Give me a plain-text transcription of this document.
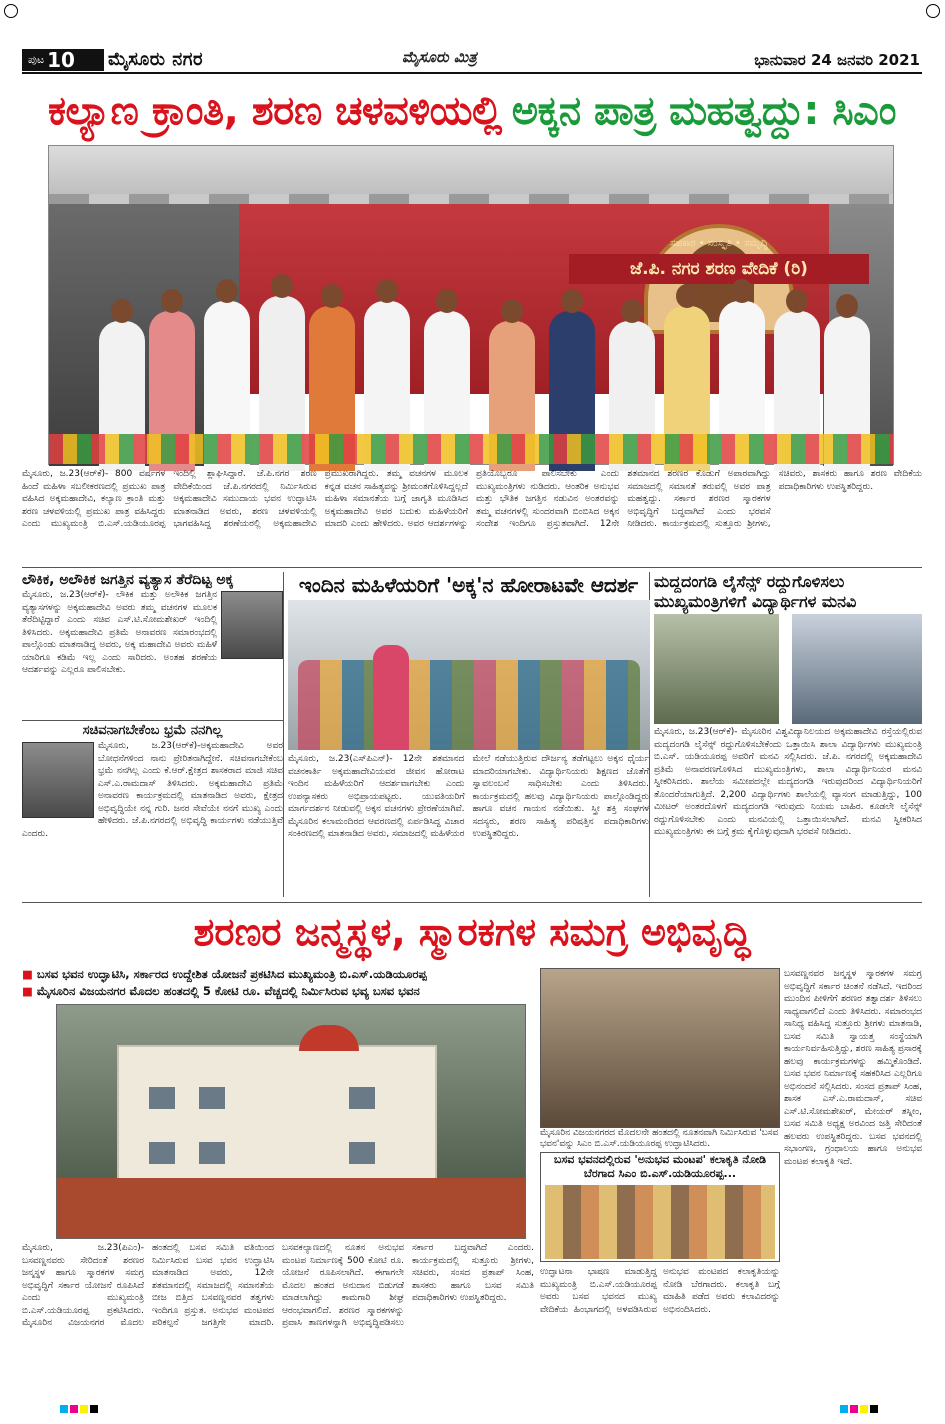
ಪುಟ 10 ಮೈಸೂರು ನಗರ	ಮೈಸೂರು ಮಿತ್ರ	ಭಾನುವಾರ 24 ಜನವರಿ 2021
ಕಲ್ಯಾಣ ಕ್ರಾಂತಿ, ಶರಣ ಚಳವಳಿಯಲ್ಲಿ ಅಕ್ಕನ ಪಾತ್ರ ಮಹತ್ವದ್ದು: ಸಿಎಂ
ಸಹಕಾರ • ಸಂಸ್ಕೃತಿ • ಸಮೃದ್ಧಿ
ಜೆ.ಪಿ. ನಗರ ಶರಣ ವೇದಿಕೆ (ರಿ)
ಮೈಸೂರು, ಜ.23(ಆರ್‌ಕೆ)- 800 ವರ್ಷಗಳ ಹಿಂದೆ ಮಹಿಳಾ ಸಬಲೀಕರಣದಲ್ಲಿ ಪ್ರಮುಖ ಪಾತ್ರ ವಹಿಸಿದ ಅಕ್ಕಮಹಾದೇವಿ, ಕಲ್ಯಾಣ ಕ್ರಾಂತಿ ಮತ್ತು ಶರಣ ಚಳವಳಿಯಲ್ಲಿ ಪ್ರಮುಖ ಪಾತ್ರ ವಹಿಸಿದ್ದರು ಎಂದು ಮುಖ್ಯಮಂತ್ರಿ ಬಿ.ಎಸ್.ಯಡಿಯೂರಪ್ಪ ಇಂದಿಲ್ಲಿ ಶ್ಲಾಘಿಸಿದ್ದಾರೆ. ಜೆ.ಪಿ.ನಗರ ಶರಣ ವೇದಿಕೆಯಿಂದ ಜೆ.ಪಿ.ನಗರದಲ್ಲಿ ನಿರ್ಮಿಸಿರುವ ಅಕ್ಕಮಹಾದೇವಿ ಸಮುದಾಯ ಭವನ ಉದ್ಘಾಟಿಸಿ ಮಾತನಾಡಿದ ಅವರು, ಶರಣ ಚಳವಳಿಯಲ್ಲಿ ಭಾಗವಹಿಸಿದ್ದ ಶರಣೆಯರಲ್ಲಿ ಅಕ್ಕಮಹಾದೇವಿ ಪ್ರಮುಖರಾಗಿದ್ದರು. ತಮ್ಮ ವಚನಗಳ ಮೂಲಕ ಕನ್ನಡ ವಚನ ಸಾಹಿತ್ಯವನ್ನು ಶ್ರೀಮಂತಗೊಳಿಸಿದ್ದಲ್ಲದೆ ಮಹಿಳಾ ಸಮಾನತೆಯ ಬಗ್ಗೆ ಜಾಗೃತಿ ಮೂಡಿಸಿದ ಅಕ್ಕಮಹಾದೇವಿ ಅವರ ಬದುಕು ಮಹಿಳೆಯರಿಗೆ ಮಾದರಿ ಎಂದು ಹೇಳಿದರು. ಅವರ ಆದರ್ಶಗಳನ್ನು ಪ್ರತಿಯೊಬ್ಬರೂ ಪಾಲಿಸಬೇಕು ಎಂದು ಮುಖ್ಯಮಂತ್ರಿಗಳು ನುಡಿದರು. ಆಂತರಿಕ ಅನುಭವ ಮತ್ತು ಭೌತಿಕ ಜಗತ್ತಿನ ನಡುವಿನ ಅಂತರವನ್ನು ತಮ್ಮ ವಚನಗಳಲ್ಲಿ ಸುಂದರವಾಗಿ ಬಿಂಬಿಸಿದ ಅಕ್ಕನ ಸಂದೇಶ ಇಂದಿಗೂ ಪ್ರಸ್ತುತವಾಗಿದೆ. 12ನೇ ಶತಮಾನದ ಶರಣರ ಕೊಡುಗೆ ಅಪಾರವಾಗಿದ್ದು ಸಮಾಜದಲ್ಲಿ ಸಮಾನತೆ ತರುವಲ್ಲಿ ಅವರ ಪಾತ್ರ ಮಹತ್ವದ್ದು. ಸರ್ಕಾರ ಶರಣರ ಸ್ಮಾರಕಗಳ ಅಭಿವೃದ್ಧಿಗೆ ಬದ್ಧವಾಗಿದೆ ಎಂದು ಭರವಸೆ ನೀಡಿದರು. ಕಾರ್ಯಕ್ರಮದಲ್ಲಿ ಸುತ್ತೂರು ಶ್ರೀಗಳು, ಸಚಿವರು, ಶಾಸಕರು ಹಾಗೂ ಶರಣ ವೇದಿಕೆಯ ಪದಾಧಿಕಾರಿಗಳು ಉಪಸ್ಥಿತರಿದ್ದರು.
ಲೌಕಿಕ, ಅಲೌಕಿಕ ಜಗತ್ತಿನ ವ್ಯತ್ಯಾಸ ತೆರೆದಿಟ್ಟ ಅಕ್ಕ
ಮೈಸೂರು, ಜ.23(ಆರ್‌ಕೆ)- ಲೌಕಿಕ ಮತ್ತು ಅಲೌಕಿಕ ಜಗತ್ತಿನ ವ್ಯತ್ಯಾಸಗಳನ್ನು ಅಕ್ಕಮಹಾದೇವಿ ಅವರು ತಮ್ಮ ವಚನಗಳ ಮೂಲಕ ತೆರೆದಿಟ್ಟಿದ್ದಾರೆ ಎಂದು ಸಚಿವ ಎಸ್.ಟಿ.ಸೋಮಶೇಖರ್ ಇಂದಿಲ್ಲಿ ತಿಳಿಸಿದರು. ಅಕ್ಕಮಹಾದೇವಿ ಪ್ರತಿಮೆ ಅನಾವರಣ ಸಮಾರಂಭದಲ್ಲಿ ಪಾಲ್ಗೊಂಡು ಮಾತನಾಡಿದ್ದ ಅವರು, ಅಕ್ಕ ಮಹಾದೇವಿ ಅವರು ಮಹಿಳೆ ಯಾರಿಗೂ ಕಡಿಮೆ ಇಲ್ಲ ಎಂದು ಸಾರಿದರು. ಅಂತಹ ಶರಣೆಯ ಆದರ್ಶವನ್ನು ಎಲ್ಲರೂ ಪಾಲಿಸಬೇಕು.
ಸಚಿವನಾಗಬೇಕೆಂಬ ಭ್ರಮೆ ನನಗಿಲ್ಲ
ಮೈಸೂರು, ಜ.23(ಆರ್‌ಕೆ)-ಅಕ್ಕಮಹಾದೇವಿ ಅವರ ಬೋಧನೆಗಳಿಂದ ನಾನು ಪ್ರೇರಿತನಾಗಿದ್ದೇನೆ. ಸಚಿವನಾಗಬೇಕೆಂಬ ಭ್ರಮೆ ನನಗಿಲ್ಲ ಎಂದು ಕೆ.ಆರ್.ಕ್ಷೇತ್ರದ ಶಾಸಕರಾದ ಮಾಜಿ ಸಚಿವ ಎಸ್.ಎ.ರಾಮದಾಸ್ ತಿಳಿಸಿದರು. ಅಕ್ಕಮಹಾದೇವಿ ಪ್ರತಿಮೆ ಅನಾವರಣ ಕಾರ್ಯಕ್ರಮದಲ್ಲಿ ಮಾತನಾಡಿದ ಅವರು, ಕ್ಷೇತ್ರದ ಅಭಿವೃದ್ಧಿಯೇ ನನ್ನ ಗುರಿ. ಜನರ ಸೇವೆಯೇ ನನಗೆ ಮುಖ್ಯ ಎಂದು ಹೇಳಿದರು. ಜೆ.ಪಿ.ನಗರದಲ್ಲಿ ಅಭಿವೃದ್ಧಿ ಕಾರ್ಯಗಳು ನಡೆಯುತ್ತಿವೆ ಎಂದರು.
ಇಂದಿನ ಮಹಿಳೆಯರಿಗೆ 'ಅಕ್ಕ'ನ ಹೋರಾಟವೇ ಆದರ್ಶ
ಮೈಸೂರು, ಜ.23(ಎಸ್‌ಪಿಎನ್)- 12ನೇ ಶತಮಾನದ ವಚನಕಾರ್ತಿ ಅಕ್ಕಮಹಾದೇವಿಯವರ ಜೀವನ ಹೋರಾಟ ಇಂದಿನ ಮಹಿಳೆಯರಿಗೆ ಆದರ್ಶವಾಗಬೇಕು ಎಂದು ಉಪನ್ಯಾಸಕರು ಅಭಿಪ್ರಾಯಪಟ್ಟರು. ಯುವತಿಯರಿಗೆ ಮಾರ್ಗದರ್ಶನ ನೀಡುವಲ್ಲಿ ಅಕ್ಕನ ವಚನಗಳು ಪ್ರೇರಣೆಯಾಗಿವೆ. ಮೈಸೂರಿನ ಕಲಾಮಂದಿರದ ಆವರಣದಲ್ಲಿ ಏರ್ಪಡಿಸಿದ್ದ ವಿಚಾರ ಸಂಕಿರಣದಲ್ಲಿ ಮಾತನಾಡಿದ ಅವರು, ಸಮಾಜದಲ್ಲಿ ಮಹಿಳೆಯರ ಮೇಲೆ ನಡೆಯುತ್ತಿರುವ ದೌರ್ಜನ್ಯ ತಡೆಗಟ್ಟಲು ಅಕ್ಕನ ಧೈರ್ಯ ಮಾದರಿಯಾಗಬೇಕು. ವಿದ್ಯಾರ್ಥಿನಿಯರು ಶಿಕ್ಷಣದ ಜೊತೆಗೆ ಸ್ವಾವಲಂಬನೆ ಸಾಧಿಸಬೇಕು ಎಂದು ತಿಳಿಸಿದರು. ಕಾರ್ಯಕ್ರಮದಲ್ಲಿ ಹಲವು ವಿದ್ಯಾರ್ಥಿನಿಯರು ಪಾಲ್ಗೊಂಡಿದ್ದರು ಹಾಗೂ ವಚನ ಗಾಯನ ನಡೆಯಿತು. ಸ್ತ್ರೀ ಶಕ್ತಿ ಸಂಘಗಳ ಸದಸ್ಯರು, ಶರಣ ಸಾಹಿತ್ಯ ಪರಿಷತ್ತಿನ ಪದಾಧಿಕಾರಿಗಳು ಉಪಸ್ಥಿತರಿದ್ದರು.
ಮದ್ದದಂಗಡಿ ಲೈಸೆನ್ಸ್ ರದ್ದುಗೊಳಿಸಲು ಮುಖ್ಯಮಂತ್ರಿಗಳಿಗೆ ವಿದ್ಯಾರ್ಥಿಗಳ ಮನವಿ
ಮೈಸೂರು, ಜ.23(ಆರ್‌ಕೆ)- ಮೈಸೂರಿನ ವಿಶ್ವವಿದ್ಯಾನಿಲಯದ ಅಕ್ಕಮಹಾದೇವಿ ರಸ್ತೆಯಲ್ಲಿರುವ ಮದ್ಯದಂಗಡಿ ಲೈಸೆನ್ಸ್ ರದ್ದುಗೊಳಿಸಬೇಕೆಂದು ಒತ್ತಾಯಿಸಿ ಶಾಲಾ ವಿದ್ಯಾರ್ಥಿಗಳು ಮುಖ್ಯಮಂತ್ರಿ ಬಿ.ಎಸ್. ಯಡಿಯೂರಪ್ಪ ಅವರಿಗೆ ಮನವಿ ಸಲ್ಲಿಸಿದರು. ಜೆ.ಪಿ. ನಗರದಲ್ಲಿ ಅಕ್ಕಮಹಾದೇವಿ ಪ್ರತಿಮೆ ಅನಾವರಣಗೊಳಿಸಿದ ಮುಖ್ಯಮಂತ್ರಿಗಳು, ಶಾಲಾ ವಿದ್ಯಾರ್ಥಿನಿಯರ ಮನವಿ ಸ್ವೀಕರಿಸಿದರು. ಶಾಲೆಯ ಸಮೀಪದಲ್ಲೇ ಮದ್ಯದಂಗಡಿ ಇರುವುದರಿಂದ ವಿದ್ಯಾರ್ಥಿನಿಯರಿಗೆ ತೊಂದರೆಯಾಗುತ್ತಿದೆ. 2,200 ವಿದ್ಯಾರ್ಥಿಗಳು ಶಾಲೆಯಲ್ಲಿ ವ್ಯಾಸಂಗ ಮಾಡುತ್ತಿದ್ದು, 100 ಮೀಟರ್ ಅಂತರದೊಳಗೆ ಮದ್ಯದಂಗಡಿ ಇರುವುದು ನಿಯಮ ಬಾಹಿರ. ಕೂಡಲೇ ಲೈಸೆನ್ಸ್ ರದ್ದುಗೊಳಿಸಬೇಕು ಎಂದು ಮನವಿಯಲ್ಲಿ ಒತ್ತಾಯಿಸಲಾಗಿದೆ. ಮನವಿ ಸ್ವೀಕರಿಸಿದ ಮುಖ್ಯಮಂತ್ರಿಗಳು ಈ ಬಗ್ಗೆ ಕ್ರಮ ಕೈಗೊಳ್ಳುವುದಾಗಿ ಭರವಸೆ ನೀಡಿದರು.
ಶರಣರ ಜನ್ಮಸ್ಥಳ, ಸ್ಮಾರಕಗಳ ಸಮಗ್ರ ಅಭಿವೃದ್ಧಿ
■ ಬಸವ ಭವನ ಉದ್ಘಾಟಿಸಿ, ಸರ್ಕಾರದ ಉದ್ದೇಶಿತ ಯೋಜನೆ ಪ್ರಕಟಿಸಿದ ಮುಖ್ಯಮಂತ್ರಿ ಬಿ.ಎಸ್.ಯಡಿಯೂರಪ್ಪ
■ ಮೈಸೂರಿನ ವಿಜಯನಗರ ಮೊದಲ ಹಂತದಲ್ಲಿ 5 ಕೋಟಿ ರೂ. ವೆಚ್ಚದಲ್ಲಿ ನಿರ್ಮಿಸಿರುವ ಭವ್ಯ ಬಸವ ಭವನ
ಮೈಸೂರು, ಜ.23(ಪಿಎಂ)- ಬಸವಣ್ಣನವರು ಸೇರಿದಂತೆ ಶರಣರ ಜನ್ಮಸ್ಥಳ ಹಾಗೂ ಸ್ಮಾರಕಗಳ ಸಮಗ್ರ ಅಭಿವೃದ್ಧಿಗೆ ಸರ್ಕಾರ ಯೋಜನೆ ರೂಪಿಸಿದೆ ಎಂದು ಮುಖ್ಯಮಂತ್ರಿ ಬಿ.ಎಸ್.ಯಡಿಯೂರಪ್ಪ ಪ್ರಕಟಿಸಿದರು. ಮೈಸೂರಿನ ವಿಜಯನಗರ ಮೊದಲ ಹಂತದಲ್ಲಿ ಬಸವ ಸಮಿತಿ ವತಿಯಿಂದ ನಿರ್ಮಿಸಿರುವ ಬಸವ ಭವನ ಉದ್ಘಾಟಿಸಿ ಮಾತನಾಡಿದ ಅವರು, 12ನೇ ಶತಮಾನದಲ್ಲಿ ಸಮಾಜದಲ್ಲಿ ಸಮಾನತೆಯ ಬೀಜ ಬಿತ್ತಿದ ಬಸವಣ್ಣನವರ ತತ್ವಗಳು ಇಂದಿಗೂ ಪ್ರಸ್ತುತ. ಅನುಭವ ಮಂಟಪದ ಪರಿಕಲ್ಪನೆ ಜಗತ್ತಿಗೇ ಮಾದರಿ. ಬಸವಕಲ್ಯಾಣದಲ್ಲಿ ನೂತನ ಅನುಭವ ಮಂಟಪ ನಿರ್ಮಾಣಕ್ಕೆ 500 ಕೋಟಿ ರೂ. ಯೋಜನೆ ರೂಪಿಸಲಾಗಿದೆ. ಈಗಾಗಲೇ ಮೊದಲ ಹಂತದ ಅನುದಾನ ಬಿಡುಗಡೆ ಮಾಡಲಾಗಿದ್ದು ಕಾಮಗಾರಿ ಶೀಘ್ರ ಆರಂಭವಾಗಲಿದೆ. ಶರಣರ ಸ್ಮಾರಕಗಳನ್ನು ಪ್ರವಾಸಿ ತಾಣಗಳನ್ನಾಗಿ ಅಭಿವೃದ್ಧಿಪಡಿಸಲು ಸರ್ಕಾರ ಬದ್ಧವಾಗಿದೆ ಎಂದರು. ಕಾರ್ಯಕ್ರಮದಲ್ಲಿ ಸುತ್ತೂರು ಶ್ರೀಗಳು, ಸಚಿವರು, ಸಂಸದ ಪ್ರತಾಪ್ ಸಿಂಹ, ಶಾಸಕರು ಹಾಗೂ ಬಸವ ಸಮಿತಿ ಪದಾಧಿಕಾರಿಗಳು ಉಪಸ್ಥಿತರಿದ್ದರು.
ಮೈಸೂರಿನ ವಿಜಯನಗರದ ಮೊದಲನೇ ಹಂತದಲ್ಲಿ ನೂತನವಾಗಿ ನಿರ್ಮಿಸಿರುವ 'ಬಸವ ಭವನ'ವನ್ನು ಸಿಎಂ ಬಿ.ಎಸ್.ಯಡಿಯೂರಪ್ಪ ಉದ್ಘಾಟಿಸಿದರು.
ಬಸವ ಭವನದಲ್ಲಿರುವ 'ಅನುಭವ ಮಂಟಪ' ಕಲಾಕೃತಿ ನೋಡಿ ಬೆರಗಾದ ಸಿಎಂ ಬಿ.ಎಸ್.ಯಡಿಯೂರಪ್ಪ...
ಉದ್ಘಾಟನಾ ಭಾಷಣ ಮಾಡುತ್ತಿದ್ದ ಮುಖ್ಯಮಂತ್ರಿ ಬಿ.ಎಸ್.ಯಡಿಯೂರಪ್ಪ ಅವರು ಬಸವ ಭವನದ ಮುಖ್ಯ ವೇದಿಕೆಯ ಹಿಂಭಾಗದಲ್ಲಿ ಅಳವಡಿಸಿರುವ ಅನುಭವ ಮಂಟಪದ ಕಲಾಕೃತಿಯನ್ನು ನೋಡಿ ಬೆರಗಾದರು. ಕಲಾಕೃತಿ ಬಗ್ಗೆ ಮಾಹಿತಿ ಪಡೆದ ಅವರು ಕಲಾವಿದರನ್ನು ಅಭಿನಂದಿಸಿದರು.
ಬಸವಣ್ಣನವರ ಜನ್ಮಸ್ಥಳ ಸ್ಮಾರಕಗಳ ಸಮಗ್ರ ಅಭಿವೃದ್ಧಿಗೆ ಸರ್ಕಾರ ಚಿಂತನೆ ನಡೆಸಿದೆ. ಇದರಿಂದ ಮುಂದಿನ ಪೀಳಿಗೆಗೆ ಶರಣರ ತತ್ವಾದರ್ಶ ತಿಳಿಸಲು ಸಾಧ್ಯವಾಗಲಿದೆ ಎಂದು ತಿಳಿಸಿದರು. ಸಮಾರಂಭದ ಸಾನಿಧ್ಯ ವಹಿಸಿದ್ದ ಸುತ್ತೂರು ಶ್ರೀಗಳು ಮಾತನಾಡಿ, ಬಸವ ಸಮಿತಿ ಸ್ವಾಯತ್ತ ಸಂಸ್ಥೆಯಾಗಿ ಕಾರ್ಯನಿರ್ವಹಿಸುತ್ತಿದ್ದು, ಶರಣ ಸಾಹಿತ್ಯ ಪ್ರಸಾರಕ್ಕೆ ಹಲವು ಕಾರ್ಯಕ್ರಮಗಳನ್ನು ಹಮ್ಮಿಕೊಂಡಿದೆ. ಬಸವ ಭವನ ನಿರ್ಮಾಣಕ್ಕೆ ಸಹಕರಿಸಿದ ಎಲ್ಲರಿಗೂ ಅಭಿನಂದನೆ ಸಲ್ಲಿಸಿದರು. ಸಂಸದ ಪ್ರತಾಪ್ ಸಿಂಹ, ಶಾಸಕ ಎಸ್.ಎ.ರಾಮದಾಸ್, ಸಚಿವ ಎಸ್.ಟಿ.ಸೋಮಶೇಖರ್, ಮೇಯರ್ ತಸ್ನೀಂ, ಬಸವ ಸಮಿತಿ ಅಧ್ಯಕ್ಷ ಅರವಿಂದ ಜತ್ತಿ ಸೇರಿದಂತೆ ಹಲವರು ಉಪಸ್ಥಿತರಿದ್ದರು. ಬಸವ ಭವನದಲ್ಲಿ ಸಭಾಂಗಣ, ಗ್ರಂಥಾಲಯ ಹಾಗೂ ಅನುಭವ ಮಂಟಪ ಕಲಾಕೃತಿ ಇದೆ.
